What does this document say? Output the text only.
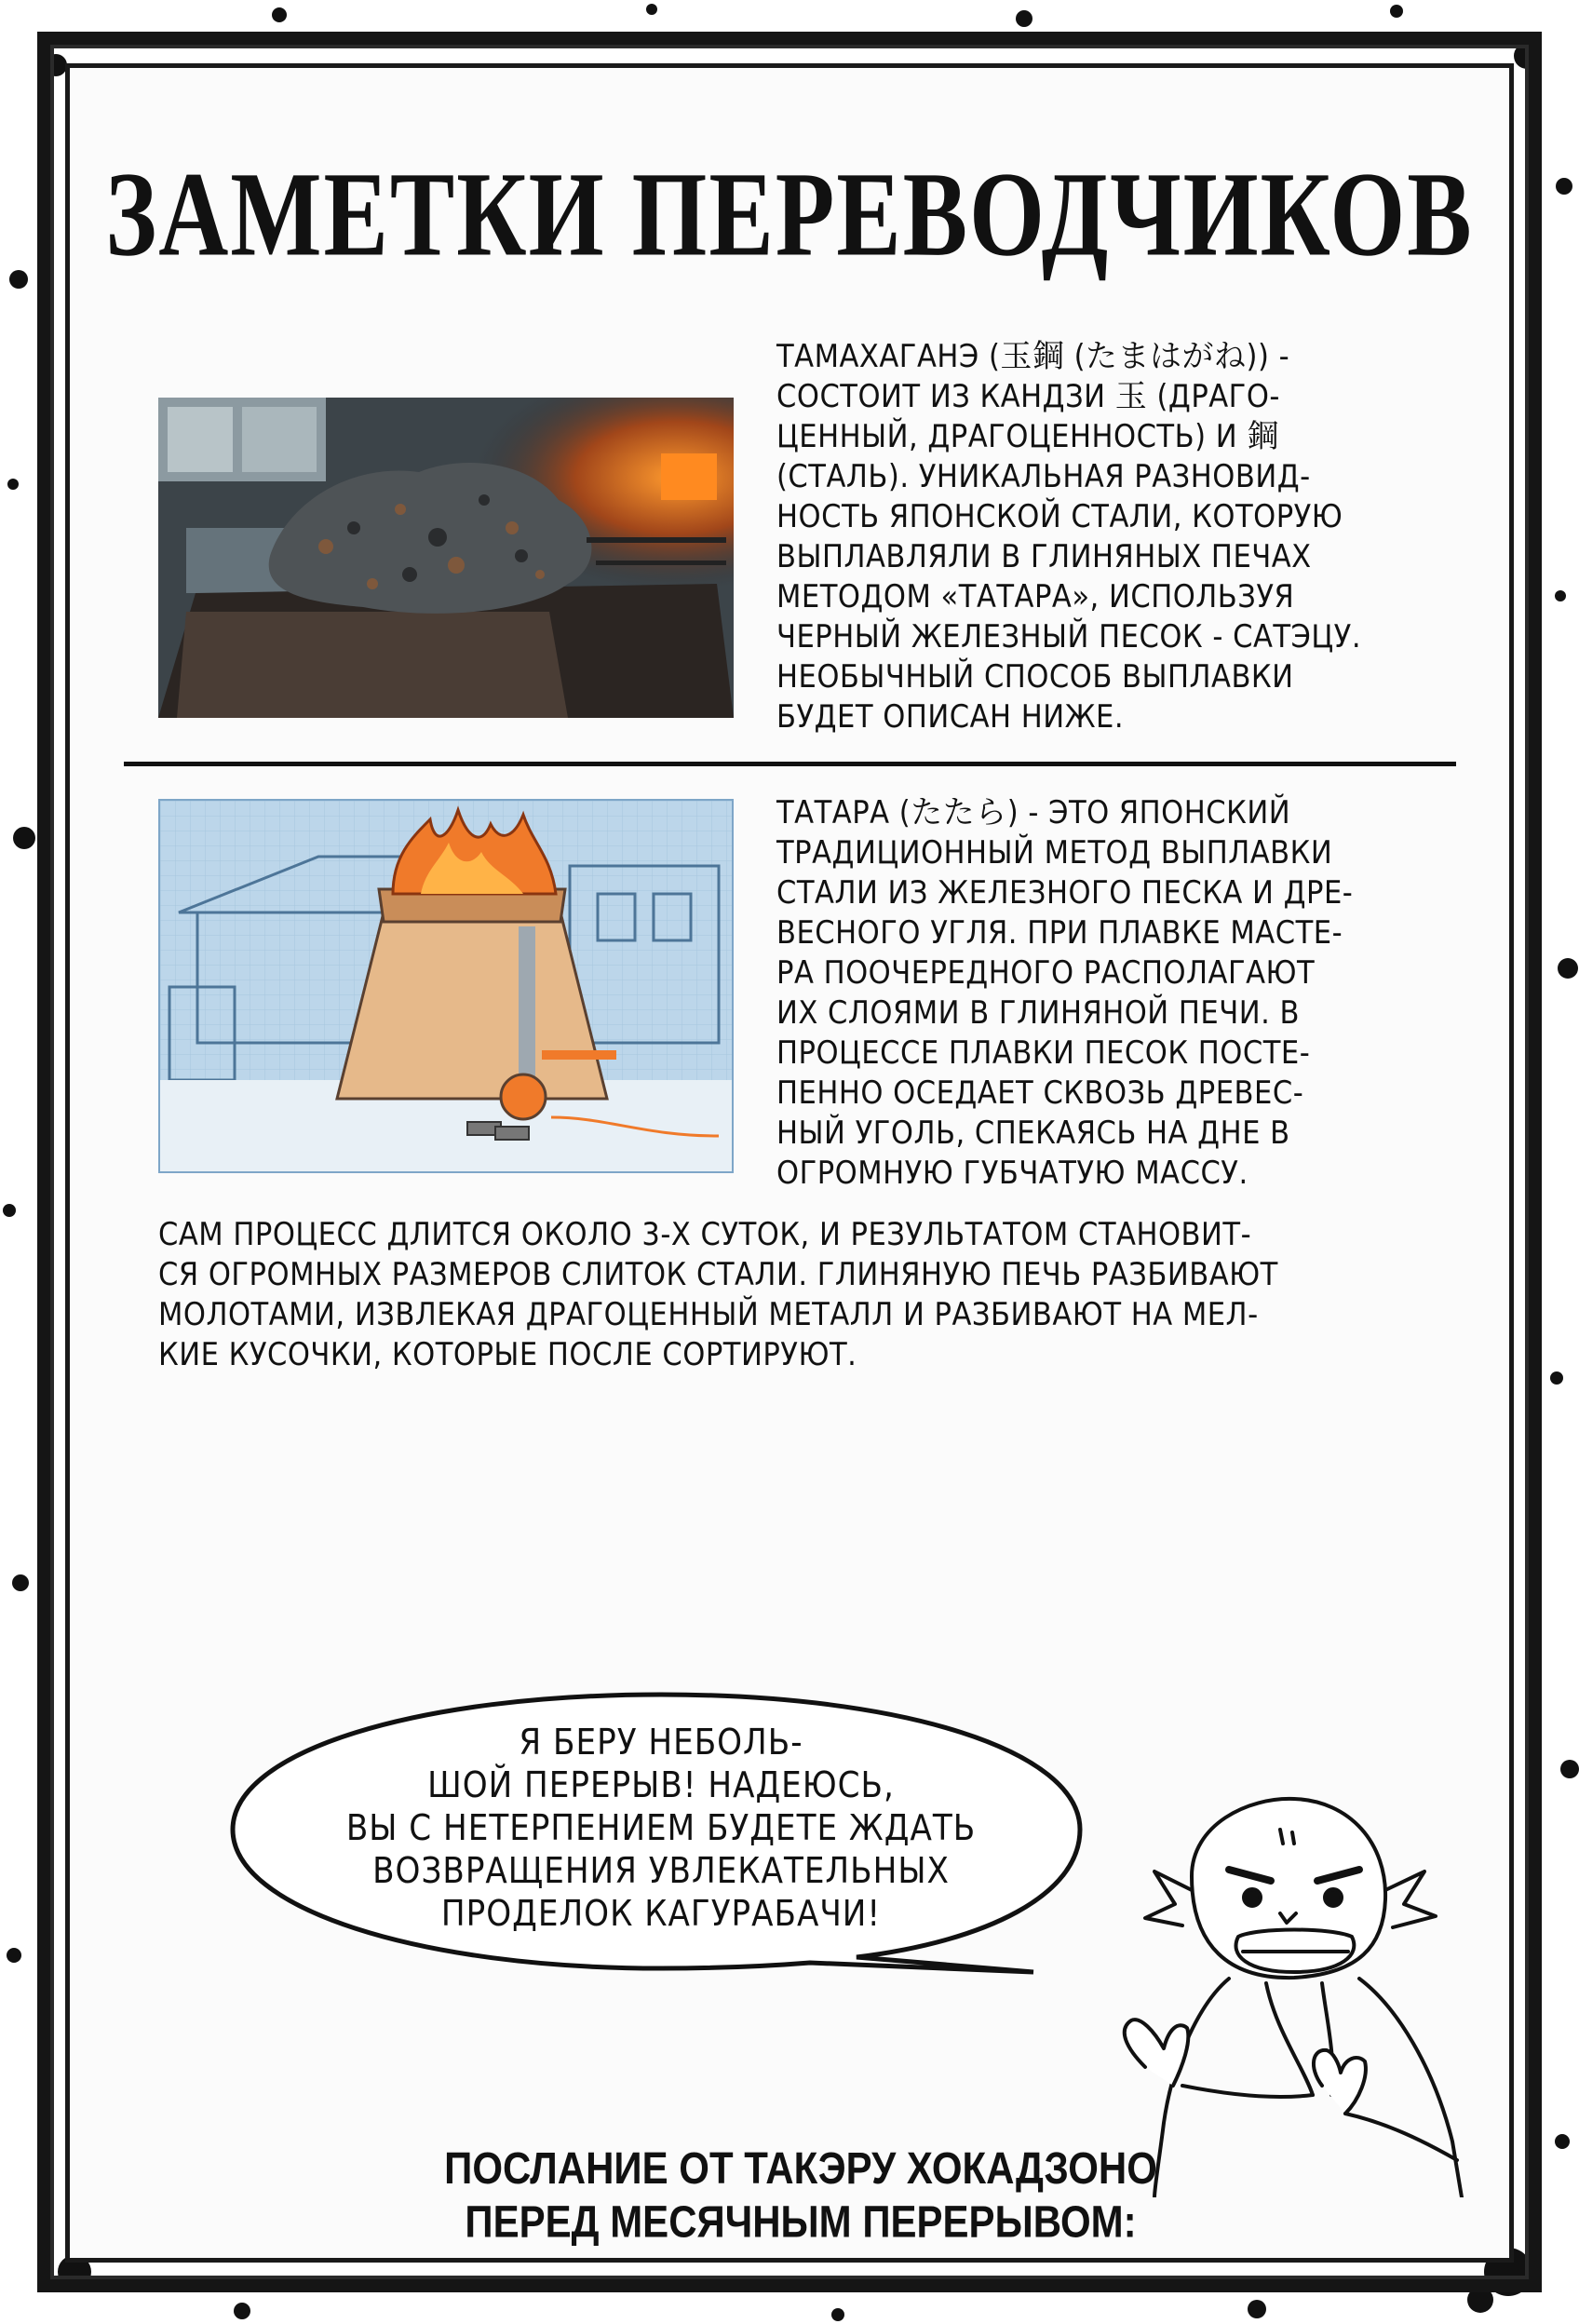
ЗАМЕТКИ ПЕРЕВОДЧИКОВ
ТАМАХАГАНЭ (玉鋼 (たまはがね)) -
СОСТОИТ ИЗ КАНДЗИ 玉 (ДРАГО-
ЦЕННЫЙ, ДРАГОЦЕННОСТЬ) И 鋼
(СТАЛЬ). УНИКАЛЬНАЯ РАЗНОВИД-
НОСТЬ ЯПОНСКОЙ СТАЛИ, КОТОРУЮ
ВЫПЛАВЛЯЛИ В ГЛИНЯНЫХ ПЕЧАХ
МЕТОДОМ «ТАТАРА», ИСПОЛЬЗУЯ
ЧЕРНЫЙ ЖЕЛЕЗНЫЙ ПЕСОК - САТЭЦУ.
НЕОБЫЧНЫЙ СПОСОБ ВЫПЛАВКИ
БУДЕТ ОПИСАН НИЖЕ.
ТАТАРА (たたら) - ЭТО ЯПОНСКИЙ
ТРАДИЦИОННЫЙ МЕТОД ВЫПЛАВКИ
СТАЛИ ИЗ ЖЕЛЕЗНОГО ПЕСКА И ДРЕ-
ВЕСНОГО УГЛЯ. ПРИ ПЛАВКЕ МАСТЕ-
РА ПООЧЕРЕДНОГО РАСПОЛАГАЮТ
ИХ СЛОЯМИ В ГЛИНЯНОЙ ПЕЧИ. В
ПРОЦЕССЕ ПЛАВКИ ПЕСОК ПОСТЕ-
ПЕННО ОСЕДАЕТ СКВОЗЬ ДРЕВЕС-
НЫЙ УГОЛЬ, СПЕКАЯСЬ НА ДНЕ В
ОГРОМНУЮ ГУБЧАТУЮ МАССУ.
САМ ПРОЦЕСС ДЛИТСЯ ОКОЛО 3-Х СУТОК, И РЕЗУЛЬТАТОМ СТАНОВИТ-
СЯ ОГРОМНЫХ РАЗМЕРОВ СЛИТОК СТАЛИ. ГЛИНЯНУЮ ПЕЧЬ РАЗБИВАЮТ
МОЛОТАМИ, ИЗВЛЕКАЯ ДРАГОЦЕННЫЙ МЕТАЛЛ И РАЗБИВАЮТ НА МЕЛ-
КИЕ КУСОЧКИ, КОТОРЫЕ ПОСЛЕ СОРТИРУЮТ.
Я БЕРУ НЕБОЛЬ-
ШОЙ ПЕРЕРЫВ! НАДЕЮСЬ,
ВЫ С НЕТЕРПЕНИЕМ БУДЕТЕ ЖДАТЬ
ВОЗВРАЩЕНИЯ УВЛЕКАТЕЛЬНЫХ
ПРОДЕЛОК КАГУРАБАЧИ!
ПОСЛАНИЕ ОТ ТАКЭРУ ХОКАДЗОНО
ПЕРЕД МЕСЯЧНЫМ ПЕРЕРЫВОМ:
